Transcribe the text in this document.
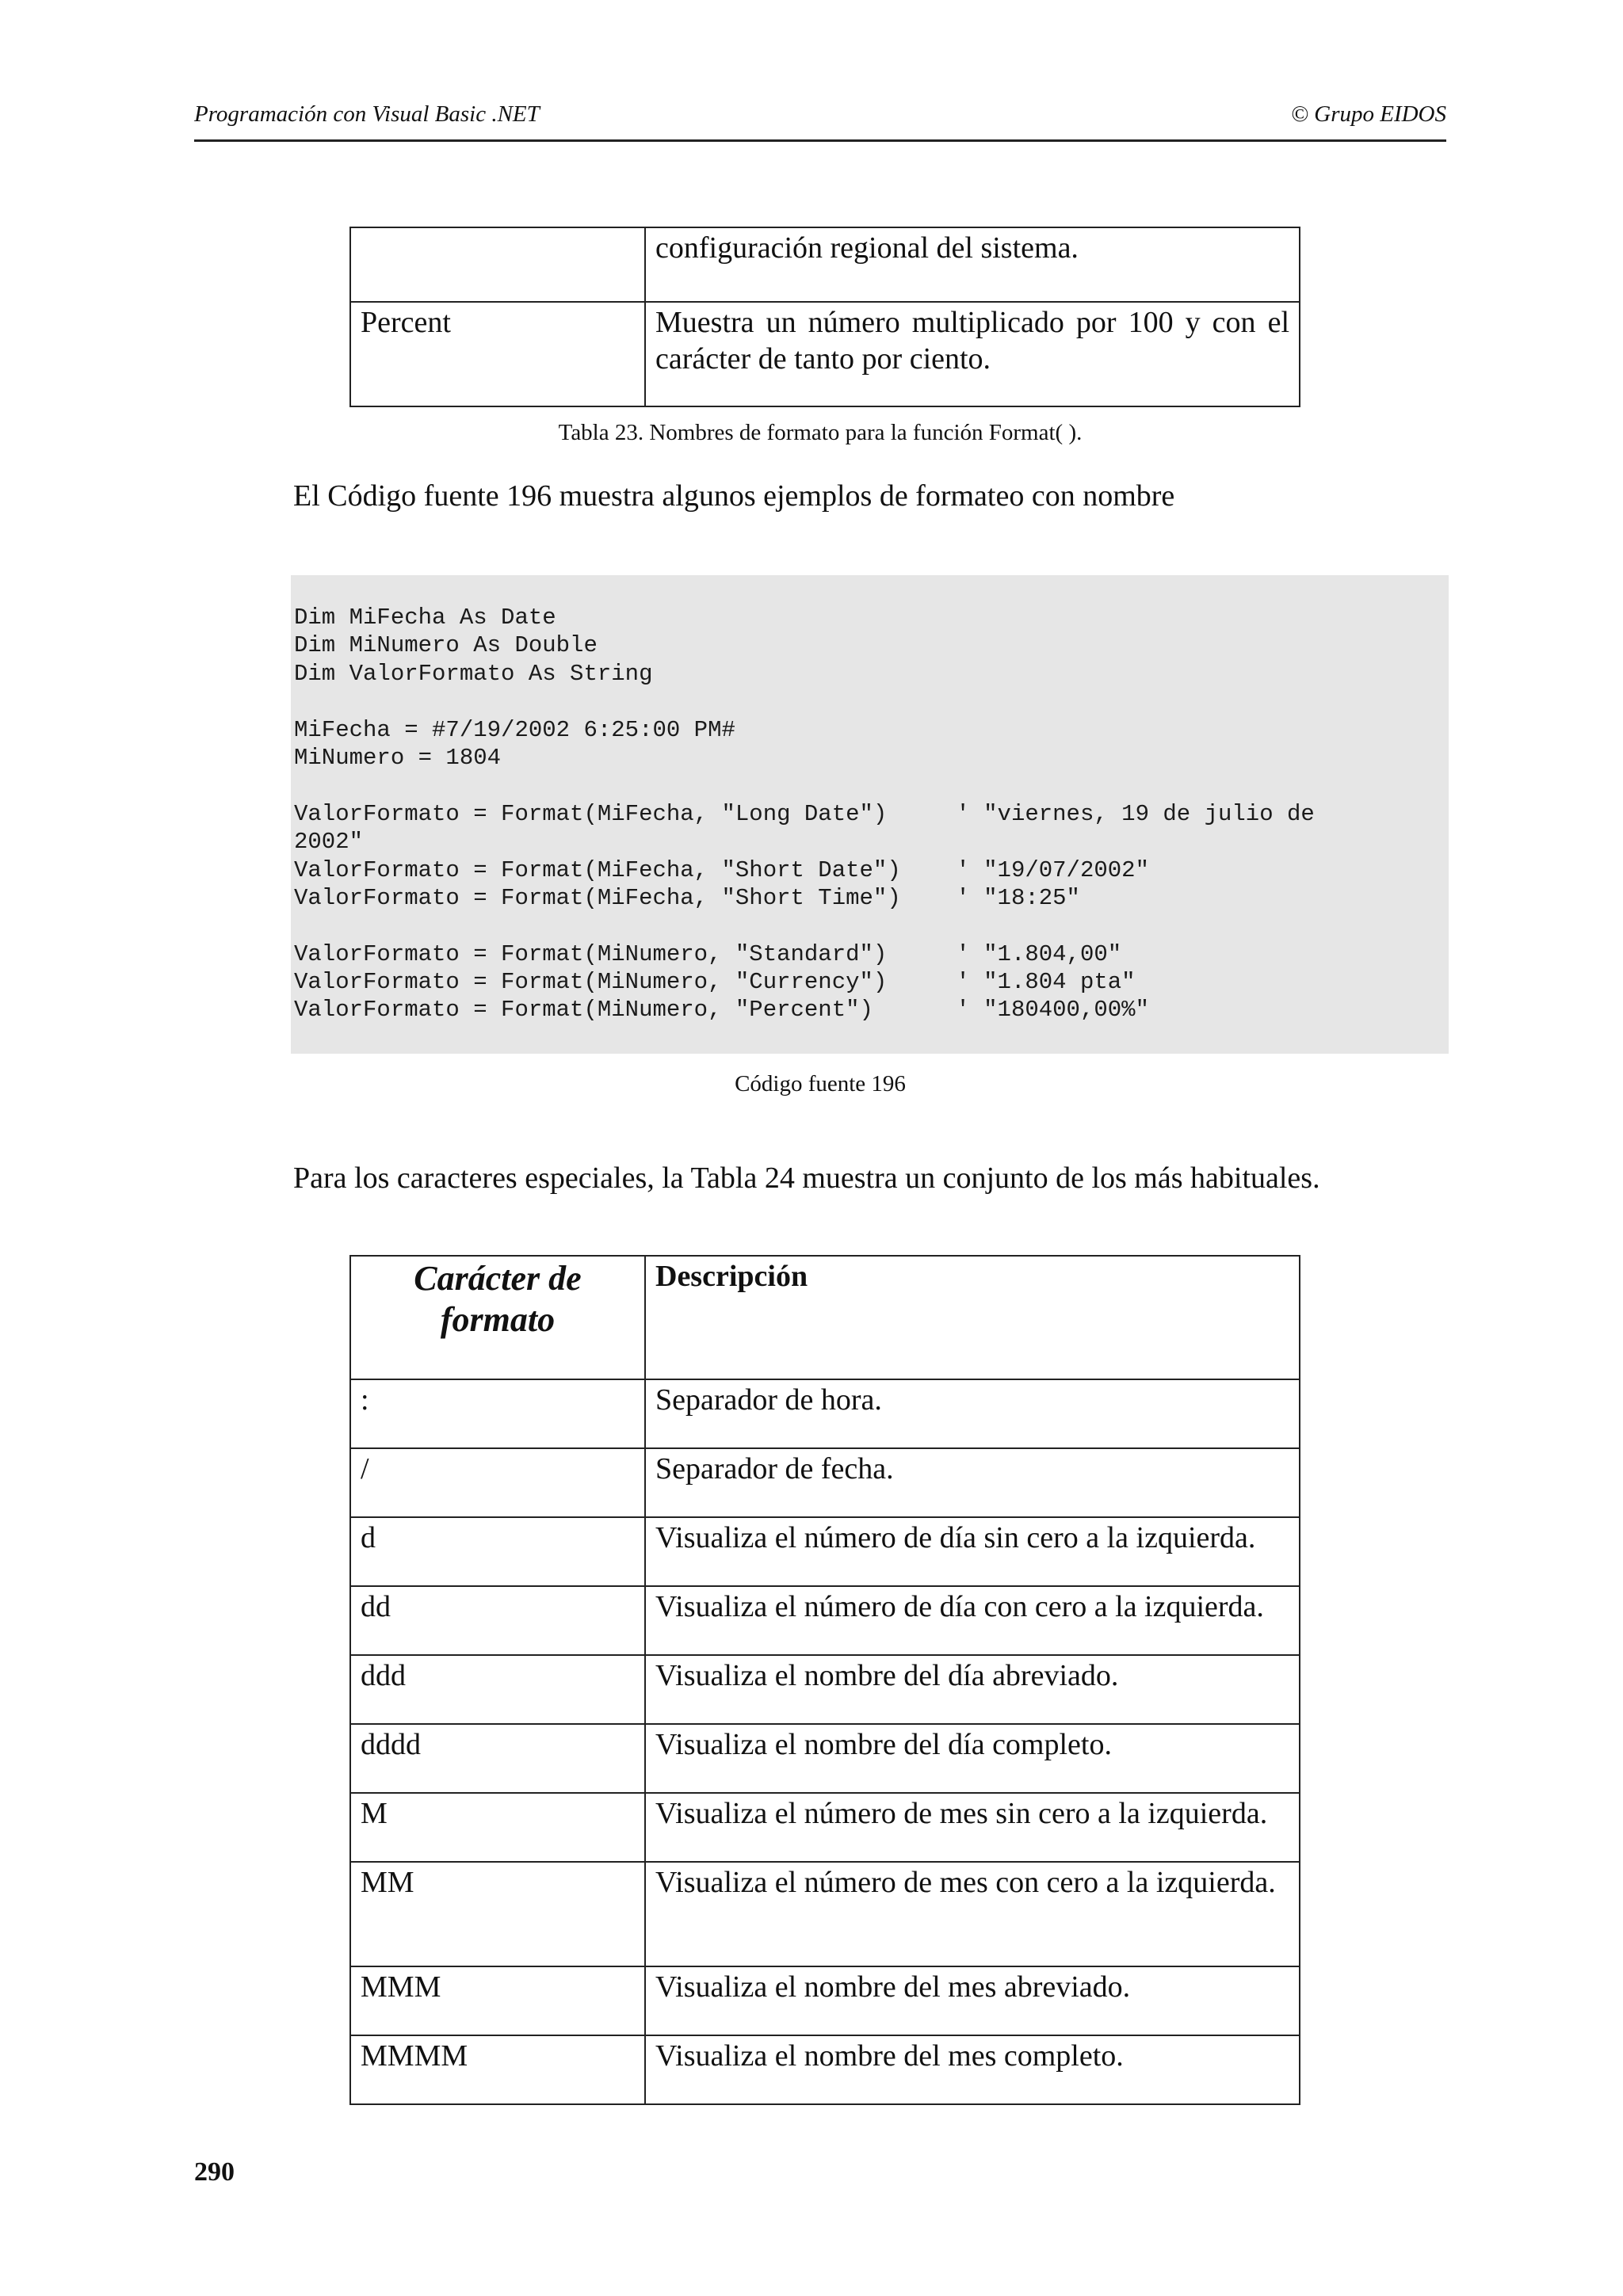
Programación con Visual Basic .NET	© Grupo EIDOS
	configuración regional del sistema.
Percent	Muestra un número multiplicado por 100 y con el carácter de tanto por ciento.
Tabla 23. Nombres de formato para la función Format( ).
El Código fuente 196 muestra algunos ejemplos de formateo con nombre
Dim MiFecha As Date
Dim MiNumero As Double
Dim ValorFormato As String
MiFecha = #7/19/2002 6:25:00 PM#
MiNumero = 1804
ValorFormato = Format(MiFecha, "Long Date")     ' "viernes, 19 de julio de
2002"
ValorFormato = Format(MiFecha, "Short Date")    ' "19/07/2002"
ValorFormato = Format(MiFecha, "Short Time")    ' "18:25"
ValorFormato = Format(MiNumero, "Standard")     ' "1.804,00"
ValorFormato = Format(MiNumero, "Currency")     ' "1.804 pta"
ValorFormato = Format(MiNumero, "Percent")      ' "180400,00%"
Código fuente 196
Para los caracteres especiales, la Tabla 24 muestra un conjunto de los más habituales.
Carácter de formato	Descripción
:	Separador de hora.
/	Separador de fecha.
d	Visualiza el número de día sin cero a la izquierda.
dd	Visualiza el número de día con cero a la izquierda.
ddd	Visualiza el nombre del día abreviado.
dddd	Visualiza el nombre del día completo.
M	Visualiza el número de mes sin cero a la izquierda.
MM	Visualiza el número de mes con cero a la izquierda.
MMM	Visualiza el nombre del mes abreviado.
MMMM	Visualiza el nombre del mes completo.
290
